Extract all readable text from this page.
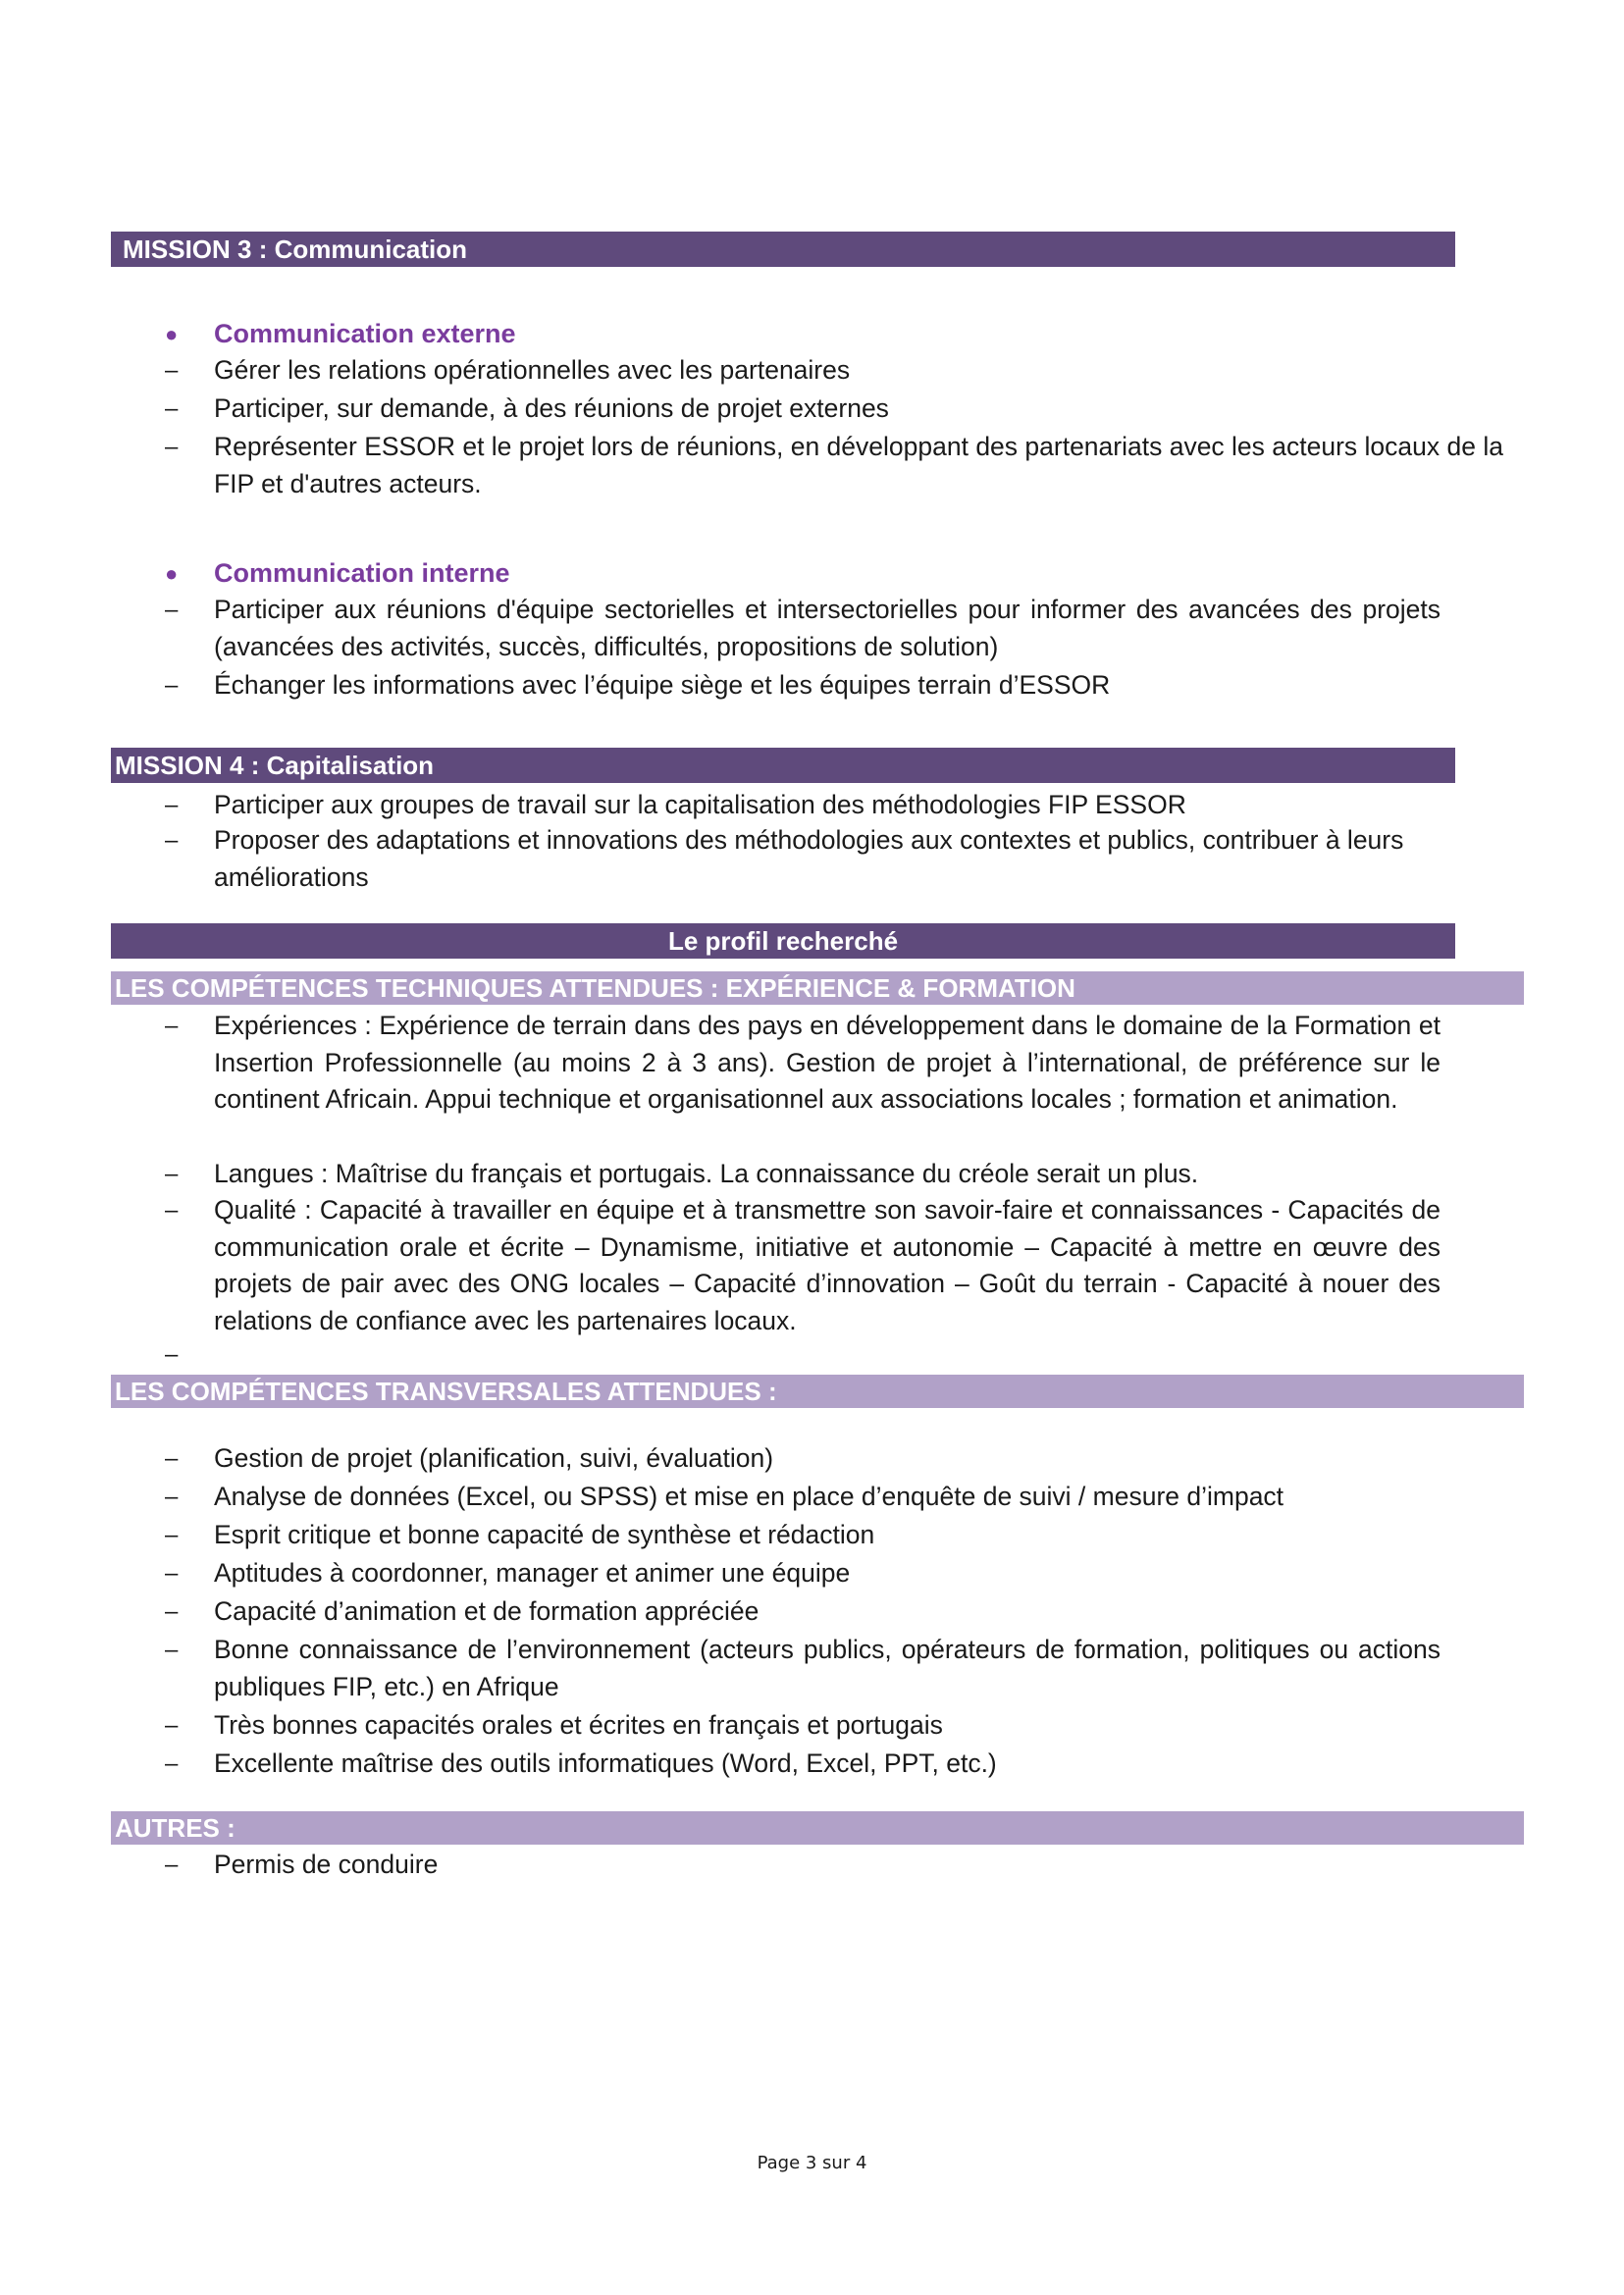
MISSION 3 : Communication
● Communication externe
– Gérer les relations opérationnelles avec les partenaires
– Participer, sur demande, à des réunions de projet externes
– Représenter ESSOR et le projet lors de réunions, en développant des partenariats avec les acteurs locaux de la FIP et d'autres acteurs.
● Communication interne
– Participer aux réunions d'équipe sectorielles et intersectorielles pour informer des avancées des projets (avancées des activités, succès, difficultés, propositions de solution)
– Échanger les informations avec l’équipe siège et les équipes terrain d’ESSOR
MISSION 4 : Capitalisation
– Participer aux groupes de travail sur la capitalisation des méthodologies FIP ESSOR
– Proposer des adaptations et innovations des méthodologies aux contextes et publics, contribuer à leurs améliorations
Le profil recherché
LES COMPÉTENCES TECHNIQUES ATTENDUES : EXPÉRIENCE & FORMATION
– Expériences : Expérience de terrain dans des pays en développement dans le domaine de la Formation et Insertion Professionnelle (au moins 2 à 3 ans). Gestion de projet à l’international, de préférence sur le continent Africain. Appui technique et organisationnel aux associations locales ; formation et animation.
– Langues : Maîtrise du français et portugais. La connaissance du créole serait un plus.
– Qualité : Capacité à travailler en équipe et à transmettre son savoir-faire et connaissances - Capacités de communication orale et écrite – Dynamisme, initiative et autonomie – Capacité à mettre en œuvre des projets de pair avec des ONG locales – Capacité d’innovation – Goût du terrain - Capacité à nouer des relations de confiance avec les partenaires locaux.
–
LES COMPÉTENCES TRANSVERSALES ATTENDUES :
– Gestion de projet (planification, suivi, évaluation)
– Analyse de données (Excel, ou SPSS) et mise en place d’enquête de suivi / mesure d’impact
– Esprit critique et bonne capacité de synthèse et rédaction
– Aptitudes à coordonner, manager et animer une équipe
– Capacité d’animation et de formation appréciée
– Bonne connaissance de l’environnement (acteurs publics, opérateurs de formation, politiques ou actions publiques FIP, etc.) en Afrique
– Très bonnes capacités orales et écrites en français et portugais
– Excellente maîtrise des outils informatiques (Word, Excel, PPT, etc.)
AUTRES :
– Permis de conduire
Page 3 sur 4
